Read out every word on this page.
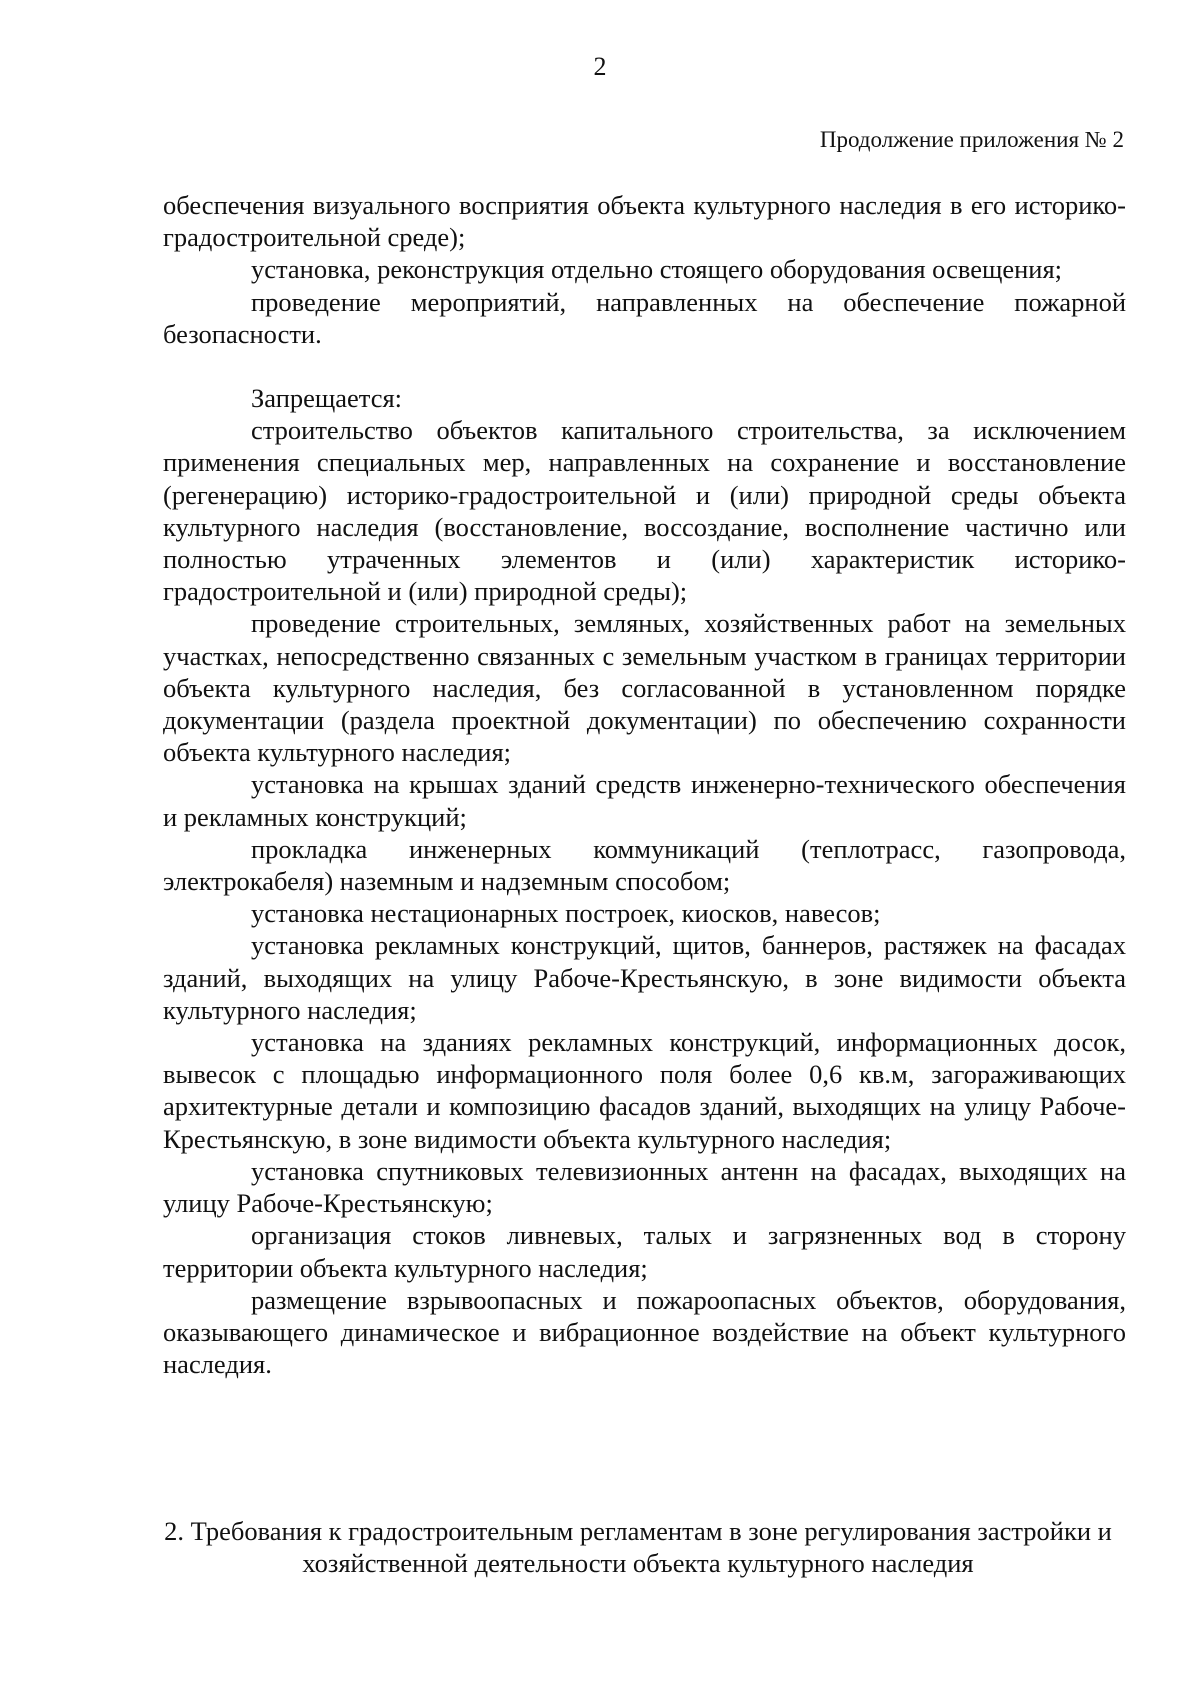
2
Продолжение приложения № 2

обеспечения визуального восприятия объекта культурного наследия в его историко-градостроительной среде);

установка, реконструкция отдельно стоящего оборудования освещения;

проведение мероприятий, направленных на обеспечение пожарной безопасности.

Запрещается:

строительство объектов капитального строительства, за исключением применения специальных мер, направленных на сохранение и восстановление (регенерацию) историко-градостроительной и (или) природной среды объекта культурного наследия (восстановление, воссоздание, восполнение частично или полностью утраченных элементов и (или) характеристик историко-градостроительной и (или) природной среды);

проведение строительных, земляных, хозяйственных работ на земельных участках, непосредственно связанных с земельным участком в границах территории объекта культурного наследия, без согласованной в установленном порядке документации (раздела проектной документации) по обеспечению сохранности объекта культурного наследия;

установка на крышах зданий средств инженерно-технического обеспечения и рекламных конструкций;

прокладка инженерных коммуникаций (теплотрасс, газопровода, электрокабеля) наземным и надземным способом;

установка нестационарных построек, киосков, навесов;

установка рекламных конструкций, щитов, баннеров, растяжек на фасадах зданий, выходящих на улицу Рабоче-Крестьянскую, в зоне видимости объекта культурного наследия;

установка на зданиях рекламных конструкций, информационных досок, вывесок с площадью информационного поля более 0,6 кв.м, загораживающих архитектурные детали и композицию фасадов зданий, выходящих на улицу Рабоче-Крестьянскую, в зоне видимости объекта культурного наследия;

установка спутниковых телевизионных антенн на фасадах, выходящих на улицу Рабоче-Крестьянскую;

организация стоков ливневых, талых и загрязненных вод в сторону территории объекта культурного наследия;

размещение взрывоопасных и пожароопасных объектов, оборудования, оказывающего динамическое и вибрационное воздействие на объект культурного наследия.

2. Требования к градостроительным регламентам в зоне регулирования застройки и хозяйственной деятельности объекта культурного наследия
